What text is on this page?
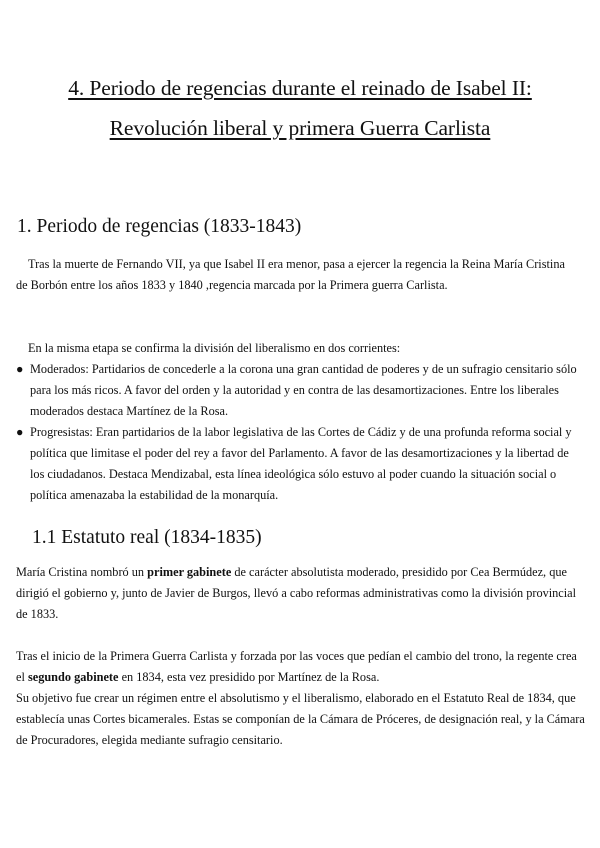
4. Periodo de regencias durante el reinado de Isabel II:
Revolución liberal y primera Guerra Carlista
1. Periodo de regencias (1833-1843)
Tras la muerte de Fernando VII, ya que Isabel II era menor, pasa a ejercer la regencia la Reina María Cristina de Borbón entre los años 1833 y 1840 ,regencia marcada por la Primera guerra Carlista.
En la misma etapa se confirma la división del liberalismo en dos corrientes:
● Moderados: Partidarios de concederle a la corona una gran cantidad de poderes y de un sufragio censitario sólo para los más ricos. A favor del orden y la autoridad y en contra de las desamortizaciones. Entre los liberales moderados destaca Martínez de la Rosa.
● Progresistas: Eran partidarios de la labor legislativa de las Cortes de Cádiz y de una profunda reforma social y política que limitase el poder del rey a favor del Parlamento. A favor de las desamortizaciones y la libertad de los ciudadanos. Destaca Mendizabal, esta línea ideológica sólo estuvo al poder cuando la situación social o política amenazaba la estabilidad de la monarquía.
1.1 Estatuto real (1834-1835)
María Cristina nombró un primer gabinete de carácter absolutista moderado, presidido por Cea Bermúdez, que dirigió el gobierno y, junto de Javier de Burgos, llevó a cabo reformas administrativas como la división provincial de 1833.
Tras el inicio de la Primera Guerra Carlista y forzada por las voces que pedían el cambio del trono, la regente crea el segundo gabinete en 1834, esta vez presidido por Martínez de la Rosa.
Su objetivo fue crear un régimen entre el absolutismo y el liberalismo, elaborado en el Estatuto Real de 1834, que establecía unas Cortes bicamerales. Estas se componían de la Cámara de Próceres, de designación real, y la Cámara de Procuradores, elegida mediante sufragio censitario.
